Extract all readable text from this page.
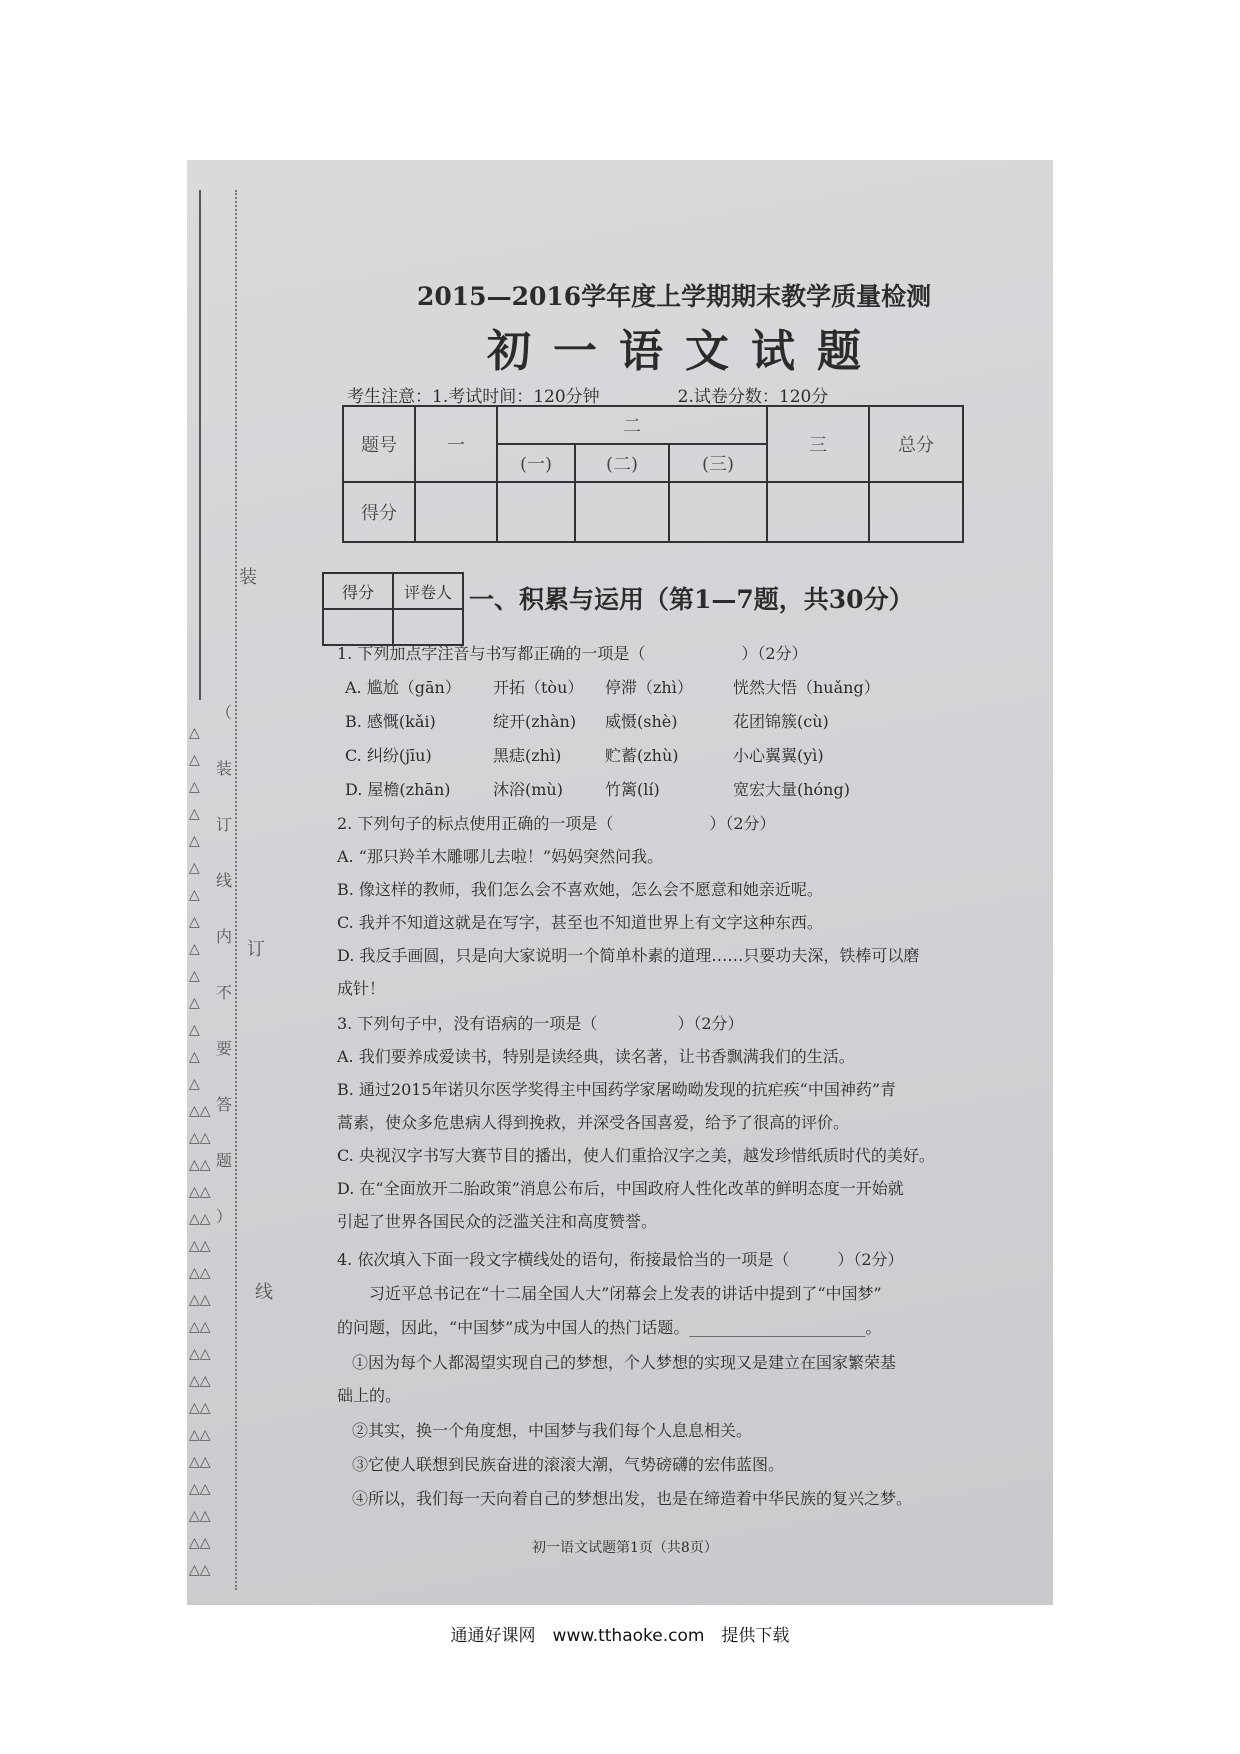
△
△
△
△
△
△
△
△
△
△
△
△
△
△
△△
△△
△△
△△
△△
△△
△△
△△
△△
△△
△△
△△
△△
△△
△△
△△
△△
△△
（
装
订
线
内
不
要
答
题
）
装
订
线
2015—2016学年度上学期期末教学质量检测
初一语文试题
考生注意：1.考试时间：120分钟	2.试卷分数：120分
题号	一	二			三	总分
		(一)	(二)	(三)		
得分						
得分	评卷人
	一、积累与运用（第1—7题，共30分）
1. 下列加点字注音与书写都正确的一项是（　　　　　　）（2分）
A. 尴尬（gān） 开拓（tòu） 停滞（zhì）	恍然大悟（huǎng）
B. 感慨(kǎi)	绽开(zhàn) 威慑(shè)	花团锦簇(cù)
C. 纠纷(jīu)	黑痣(zhì)	贮蓄(zhù)	小心翼翼(yì)
D. 屋檐(zhān)	沐浴(mù)	竹篱(lí)	宽宏大量(hóng)
2. 下列句子的标点使用正确的一项是（　　　　　　）（2分）
A. “那只羚羊木雕哪儿去啦！”妈妈突然问我。
B. 像这样的教师，我们怎么会不喜欢她，怎么会不愿意和她亲近呢。
C. 我并不知道这就是在写字，甚至也不知道世界上有文字这种东西。
D. 我反手画圆，只是向大家说明一个简单朴素的道理……只要功夫深，铁棒可以磨
成针！
3. 下列句子中，没有语病的一项是（　　　　　）（2分）
A. 我们要养成爱读书，特别是读经典，读名著，让书香飘满我们的生活。
B. 通过2015年诺贝尔医学奖得主中国药学家屠呦呦发现的抗疟疾“中国神药”青
蒿素，使众多危患病人得到挽救，并深受各国喜爱，给予了很高的评价。
C. 央视汉字书写大赛节目的播出，使人们重拾汉字之美，越发珍惜纸质时代的美好。
D. 在“全面放开二胎政策”消息公布后，中国政府人性化改革的鲜明态度一开始就
引起了世界各国民众的泛滥关注和高度赞誉。
4. 依次填入下面一段文字横线处的语句，衔接最恰当的一项是（　　　）（2分）
习近平总书记在“十二届全国人大”闭幕会上发表的讲话中提到了“中国梦”
的问题，因此，“中国梦”成为中国人的热门话题。______________________。
①因为每个人都渴望实现自己的梦想，个人梦想的实现又是建立在国家繁荣基
础上的。
②其实，换一个角度想，中国梦与我们每个人息息相关。
③它使人联想到民族奋进的滚滚大潮，气势磅礴的宏伟蓝图。
④所以，我们每一天向着自己的梦想出发，也是在缔造着中华民族的复兴之梦。
初一语文试题第1页（共8页）
通通好课网　www.tthaoke.com　提供下载
